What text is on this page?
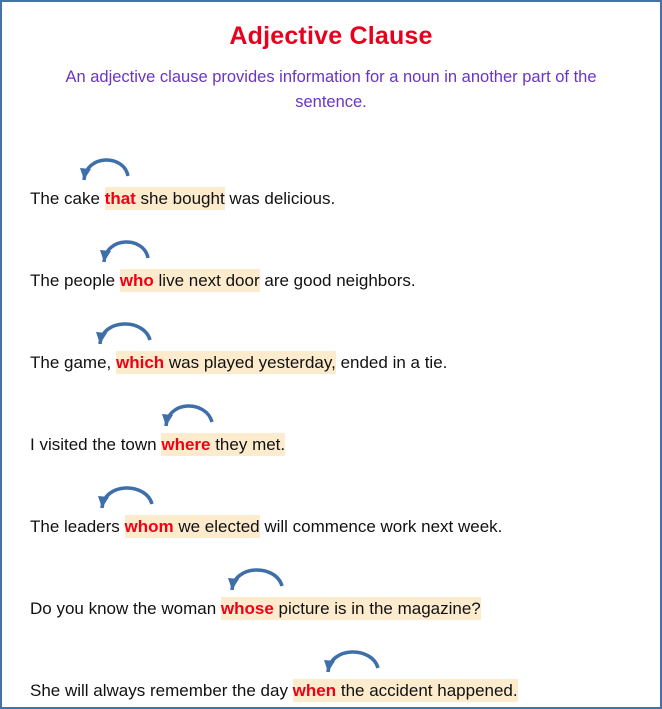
Adjective Clause
An adjective clause provides information for a noun in another part of the sentence.
The cake that she bought was delicious.
The people who live next door are good neighbors.
The game, which was played yesterday, ended in a tie.
I visited the town where they met.
The leaders whom we elected will commence work next week.
Do you know the woman whose picture is in the magazine?
She will always remember the day when the accident happened.
